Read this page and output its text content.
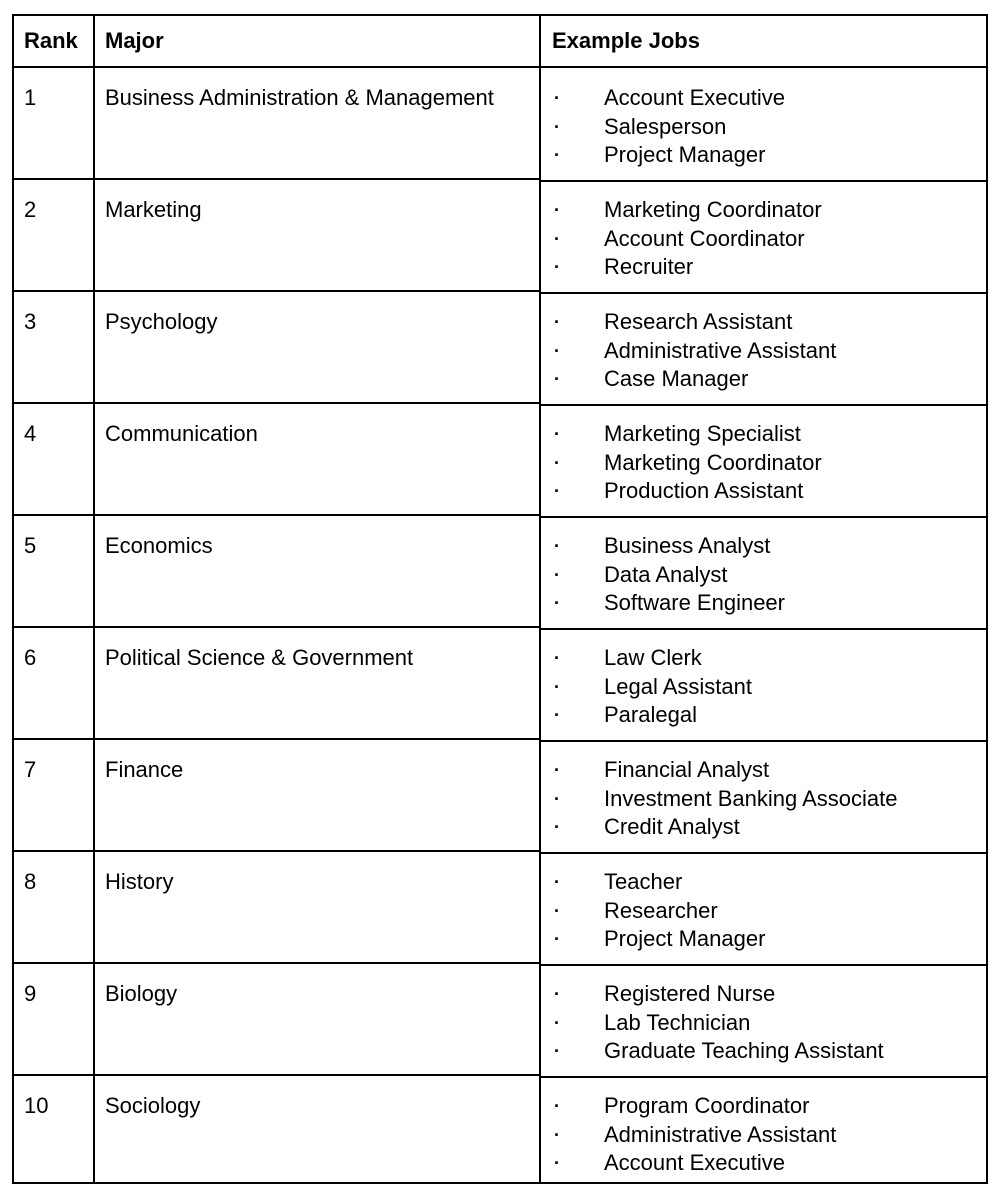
Rank Major	Example Jobs
1	Business Administration & Management	· Account Executive
· Salesperson
· Project Manager
2	Marketing	· Marketing Coordinator
· Account Coordinator
· Recruiter
3	Psychology	· Research Assistant
· Administrative Assistant
· Case Manager
4	Communication	· Marketing Specialist
· Marketing Coordinator
· Production Assistant
5	Economics	· Business Analyst
· Data Analyst
· Software Engineer
6	Political Science & Government	· Law Clerk
· Legal Assistant
· Paralegal
7	Finance	· Financial Analyst
· Investment Banking Associate
· Credit Analyst
8	History	· Teacher
· Researcher
· Project Manager
9	Biology	· Registered Nurse
· Lab Technician
· Graduate Teaching Assistant
10	Sociology	· Program Coordinator
· Administrative Assistant
· Account Executive
